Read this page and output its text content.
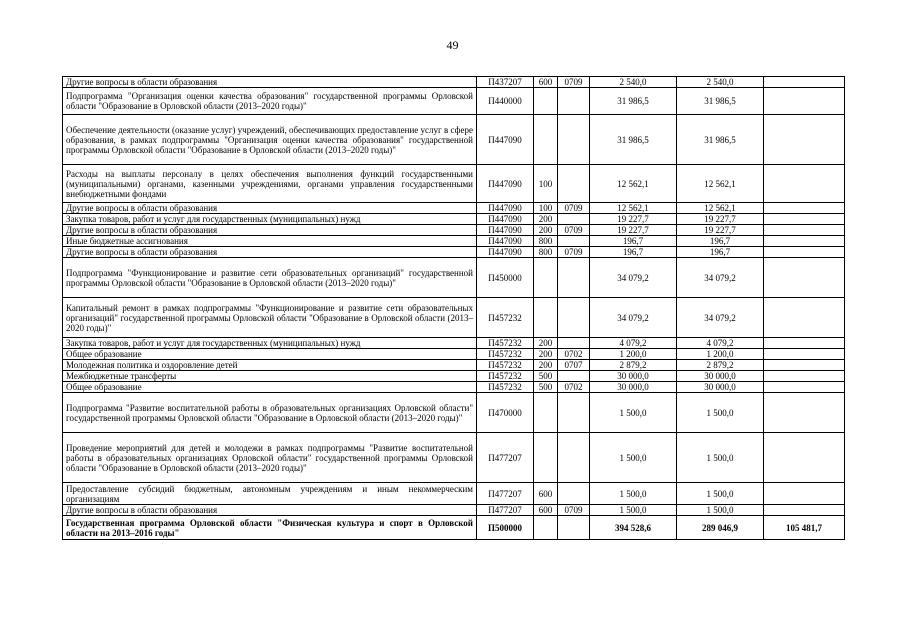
49
Другие вопросы в области образования	П437207	600	0709	2 540,0	2 540,0	
Подпрограмма "Организация оценки качества образования" государственной программы Орловской области "Образование в Орловской области (2013–2020 годы)"	П440000			31 986,5	31 986,5	
Обеспечение деятельности (оказание услуг) учреждений, обеспечивающих предоставление услуг в сфере образования, в рамках подпрограммы "Организация оценки качества образования" государственной программы Орловской области "Образование в Орловской области (2013–2020 годы)"	П447090			31 986,5	31 986,5	
Расходы на выплаты персоналу в целях обеспечения выполнения функций государственными (муниципальными) органами, казенными учреждениями, органами управления государственными внебюджетными фондами	П447090	100		12 562,1	12 562,1	
Другие вопросы в области образования	П447090	100	0709	12 562,1	12 562,1	
Закупка товаров, работ и услуг для государственных (муниципальных) нужд	П447090	200		19 227,7	19 227,7	
Другие вопросы в области образования	П447090	200	0709	19 227,7	19 227,7	
Иные бюджетные ассигнования	П447090	800		196,7	196,7	
Другие вопросы в области образования	П447090	800	0709	196,7	196,7	
Подпрограмма "Функционирование и развитие сети образовательных организаций" государственной программы Орловской области "Образование в Орловской области (2013–2020 годы)"	П450000			34 079,2	34 079,2	
Капитальный ремонт в рамках подпрограммы "Функционирование и развитие сети образовательных организаций" государственной программы Орловской области "Образование в Орловской области (2013–2020 годы)"	П457232			34 079,2	34 079,2	
Закупка товаров, работ и услуг для государственных (муниципальных) нужд	П457232	200		4 079,2	4 079,2	
Общее образование	П457232	200	0702	1 200,0	1 200,0	
Молодежная политика и оздоровление детей	П457232	200	0707	2 879,2	2 879,2	
Межбюджетные трансферты	П457232	500		30 000,0	30 000,0	
Общее образование	П457232	500	0702	30 000,0	30 000,0	
Подпрограмма "Развитие воспитательной работы в образовательных организациях Орловской области" государственной программы Орловской области "Образование в Орловской области (2013–2020 годы)"	П470000			1 500,0	1 500,0	
Проведение мероприятий для детей и молодежи в рамках подпрограммы "Развитие воспитательной работы в образовательных организациях Орловской области" государственной программы Орловской области "Образование в Орловской области (2013–2020 годы)"	П477207			1 500,0	1 500,0	
Предоставление субсидий бюджетным, автономным учреждениям и иным некоммерческим организациям	П477207	600		1 500,0	1 500,0	
Другие вопросы в области образования	П477207	600	0709	1 500,0	1 500,0	
Государственная программа Орловской области "Физическая культура и спорт в Орловской области на 2013–2016 годы"	П500000			394 528,6	289 046,9	105 481,7
